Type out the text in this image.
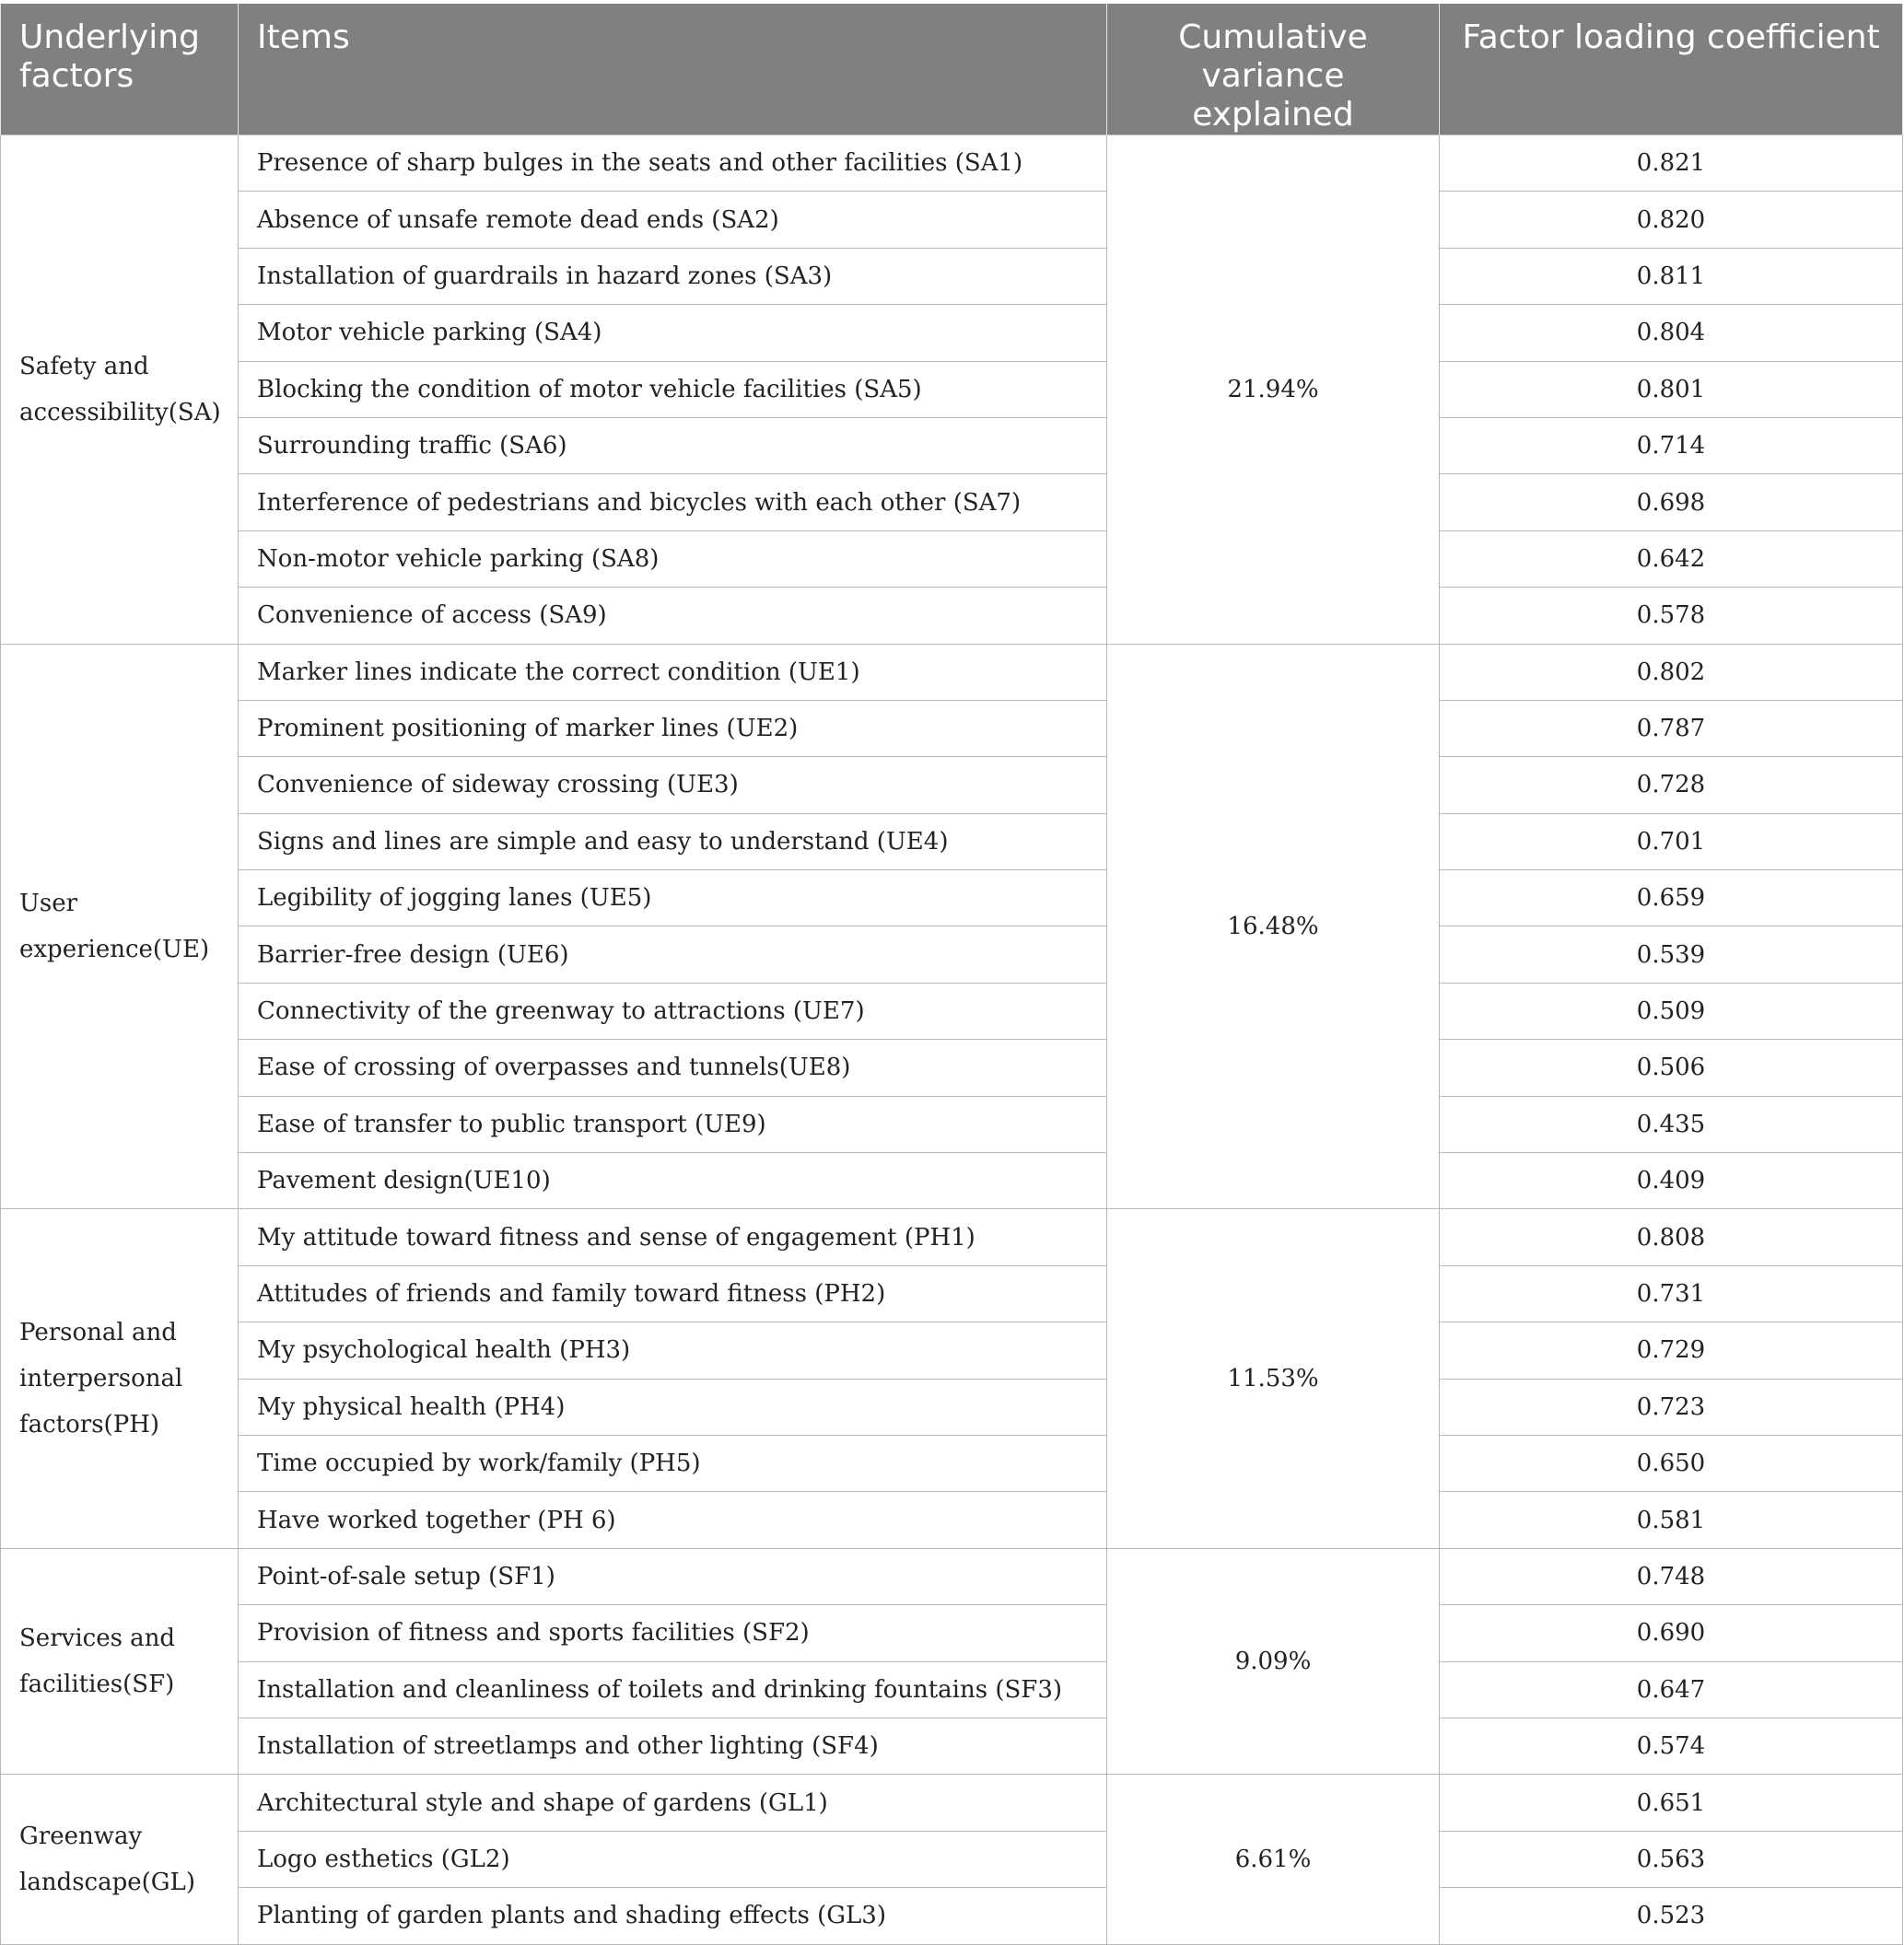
Underlying factors	Items	Cumulative variance explained	Factor loading coefficient
Safety and accessibility(SA)	Presence of sharp bulges in the seats and other facilities (SA1)	21.94%	0.821
	Absence of unsafe remote dead ends (SA2)		0.820
	Installation of guardrails in hazard zones (SA3)		0.811
	Motor vehicle parking (SA4)		0.804
	Blocking the condition of motor vehicle facilities (SA5)		0.801
	Surrounding traffic (SA6)		0.714
	Interference of pedestrians and bicycles with each other (SA7)		0.698
	Non-motor vehicle parking (SA8)		0.642
	Convenience of access (SA9)		0.578
User experience(UE)	Marker lines indicate the correct condition (UE1)	16.48%	0.802
	Prominent positioning of marker lines (UE2)		0.787
	Convenience of sideway crossing (UE3)		0.728
	Signs and lines are simple and easy to understand (UE4)		0.701
	Legibility of jogging lanes (UE5)		0.659
	Barrier-free design (UE6)		0.539
	Connectivity of the greenway to attractions (UE7)		0.509
	Ease of crossing of overpasses and tunnels(UE8)		0.506
	Ease of transfer to public transport (UE9)		0.435
	Pavement design(UE10)		0.409
Personal and interpersonal factors(PH)	My attitude toward fitness and sense of engagement (PH1)	11.53%	0.808
	Attitudes of friends and family toward fitness (PH2)		0.731
	My psychological health (PH3)		0.729
	My physical health (PH4)		0.723
	Time occupied by work/family (PH5)		0.650
	Have worked together (PH 6)		0.581
Services and facilities(SF)	Point-of-sale setup (SF1)	9.09%	0.748
	Provision of fitness and sports facilities (SF2)		0.690
	Installation and cleanliness of toilets and drinking fountains (SF3)		0.647
	Installation of streetlamps and other lighting (SF4)		0.574
Greenway landscape(GL)	Architectural style and shape of gardens (GL1)	6.61%	0.651
	Logo esthetics (GL2)		0.563
	Planting of garden plants and shading effects (GL3)		0.523
